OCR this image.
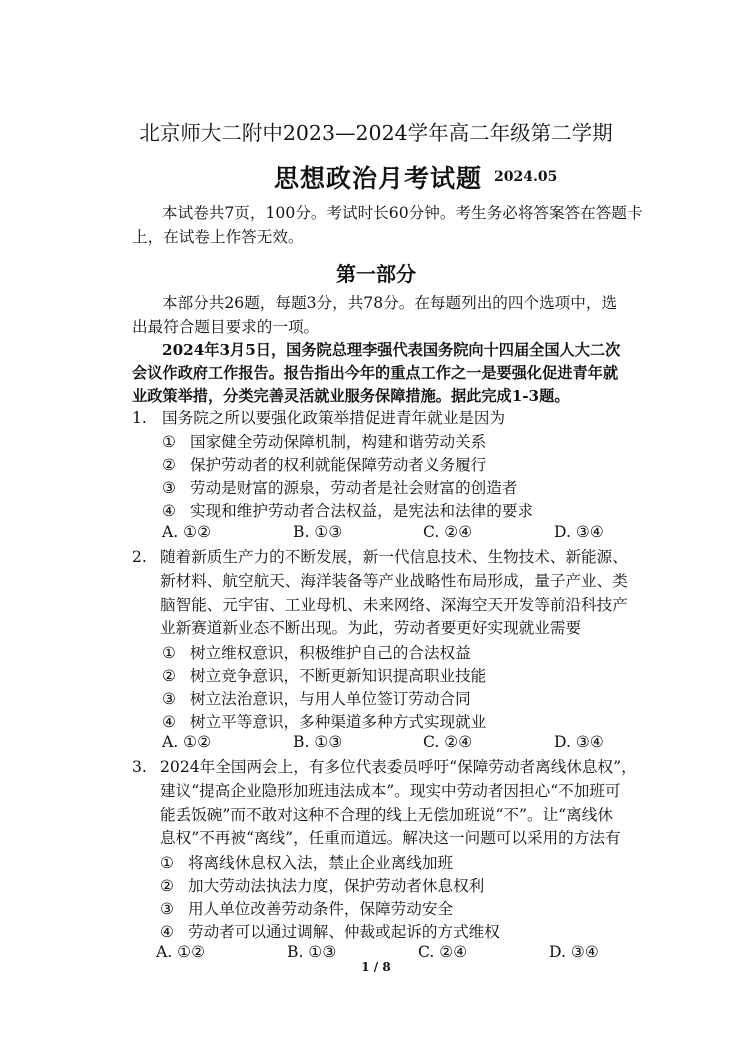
北京师大二附中2023—2024学年高二年级第二学期
思想政治月考试题 2024.05
本试卷共7页，100分。考试时长60分钟。考生务必将答案答在答题卡
上，在试卷上作答无效。
第一部分
本部分共26题，每题3分，共78分。在每题列出的四个选项中，选
出最符合题目要求的一项。
2024年3月5日，国务院总理李强代表国务院向十四届全国人大二次
会议作政府工作报告。报告指出今年的重点工作之一是要强化促进青年就
业政策举措，分类完善灵活就业服务保障措施。据此完成1-3题。
1. 国务院之所以要强化政策举措促进青年就业是因为
① 国家健全劳动保障机制，构建和谐劳动关系
② 保护劳动者的权利就能保障劳动者义务履行
③ 劳动是财富的源泉，劳动者是社会财富的创造者
④ 实现和维护劳动者合法权益，是宪法和法律的要求
A. ①②	B. ①③	C. ②④	D. ③④
2. 随着新质生产力的不断发展，新一代信息技术、生物技术、新能源、
新材料、航空航天、海洋装备等产业战略性布局形成，量子产业、类
脑智能、元宇宙、工业母机、未来网络、深海空天开发等前沿科技产
业新赛道新业态不断出现。为此，劳动者要更好实现就业需要
① 树立维权意识，积极维护自己的合法权益
② 树立竞争意识，不断更新知识提高职业技能
③ 树立法治意识，与用人单位签订劳动合同
④ 树立平等意识，多种渠道多种方式实现就业
A. ①②	B. ①③	C. ②④	D. ③④
3. 2024年全国两会上，有多位代表委员呼吁“保障劳动者离线休息权”，
建议“提高企业隐形加班违法成本”。现实中劳动者因担心“不加班可
能丢饭碗”而不敢对这种不合理的线上无偿加班说“不”。让“离线休
息权”不再被“离线”，任重而道远。解决这一问题可以采用的方法有
① 将离线休息权入法，禁止企业离线加班
② 加大劳动法执法力度，保护劳动者休息权利
③ 用人单位改善劳动条件，保障劳动安全
④ 劳动者可以通过调解、仲裁或起诉的方式维权
A. ①②	B. ①③	C. ②④	D. ③④
1 / 8
